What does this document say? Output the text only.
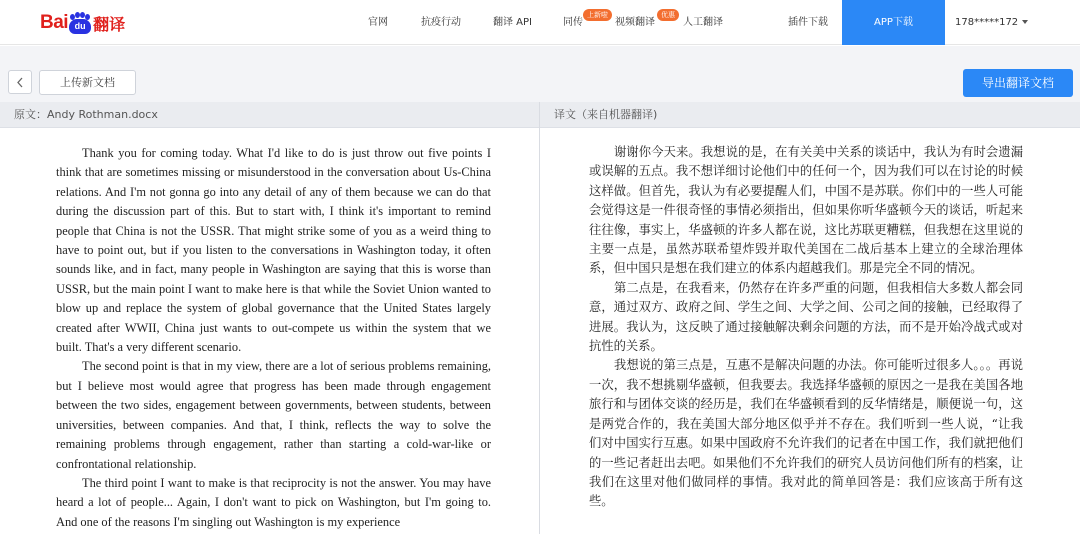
Bai du 翻译	官网	抗疫行动	翻译 API	同传
上新啦
视频翻译
优惠
人工翻译	插件下载	APP下载	178*****172
上传新文档	导出翻译文档
原文：Andy Rothman.docx	译文（来自机器翻译)

Thank you for coming today. What I'd like to do is just throw out five points I think that are sometimes missing or misunderstood in the conversation about Us-China relations. And I'm not gonna go into any detail of any of them because we can do that during the discussion part of this. But to start with, I think it's important to remind people that China is not the USSR. That might strike some of you as a weird thing to have to point out, but if you listen to the conversations in Washington today, it often sounds like, and in fact, many people in Washington are saying that this is worse than USSR, but the main point I want to make here is that while the Soviet Union wanted to blow up and replace the system of global governance that the United States largely created after WWII, China just wants to out-compete us within the system that we built. That's a very different scenario.

The second point is that in my view, there are a lot of serious problems remaining, but I believe most would agree that progress has been made through engagement between the two sides, engagement between governments, between students, between universities, between companies. And that, I think, reflects the way to solve the remaining problems through engagement, rather than starting a cold-war-like or confrontational relationship.

The third point I want to make is that reciprocity is not the answer. You may have heard a lot of people... Again, I don't want to pick on Washington, but I'm going to. And one of the reasons I'm singling out Washington is my experience

谢谢你今天来。我想说的是，在有关美中关系的谈话中，我认为有时会遗漏或误解的五点。我不想详细讨论他们中的任何一个，因为我们可以在讨论的时候这样做。但首先，我认为有必要提醒人们，中国不是苏联。你们中的一些人可能会觉得这是一件很奇怪的事情必须指出，但如果你听华盛顿今天的谈话，听起来往往像，事实上，华盛顿的许多人都在说，这比苏联更糟糕，但我想在这里说的主要一点是，虽然苏联希望炸毁并取代美国在二战后基本上建立的全球治理体系，但中国只是想在我们建立的体系内超越我们。那是完全不同的情况。

第二点是，在我看来，仍然存在许多严重的问题，但我相信大多数人都会同意，通过双方、政府之间、学生之间、大学之间、公司之间的接触，已经取得了进展。我认为，这反映了通过接触解决剩余问题的方法，而不是开始冷战式或对抗性的关系。

我想说的第三点是，互惠不是解决问题的办法。你可能听过很多人。。。再说一次，我不想挑剔华盛顿，但我要去。我选择华盛顿的原因之一是我在美国各地旅行和与团体交谈的经历是，我们在华盛顿看到的反华情绪是，顺便说一句，这是两党合作的，我在美国大部分地区似乎并不存在。我们听到一些人说，“让我们对中国实行互惠。如果中国政府不允许我们的记者在中国工作，我们就把他们的一些记者赶出去吧。如果他们不允许我们的研究人员访问他们所有的档案，让我们在这里对他们做同样的事情。我对此的简单回答是：我们应该高于所有这些。
